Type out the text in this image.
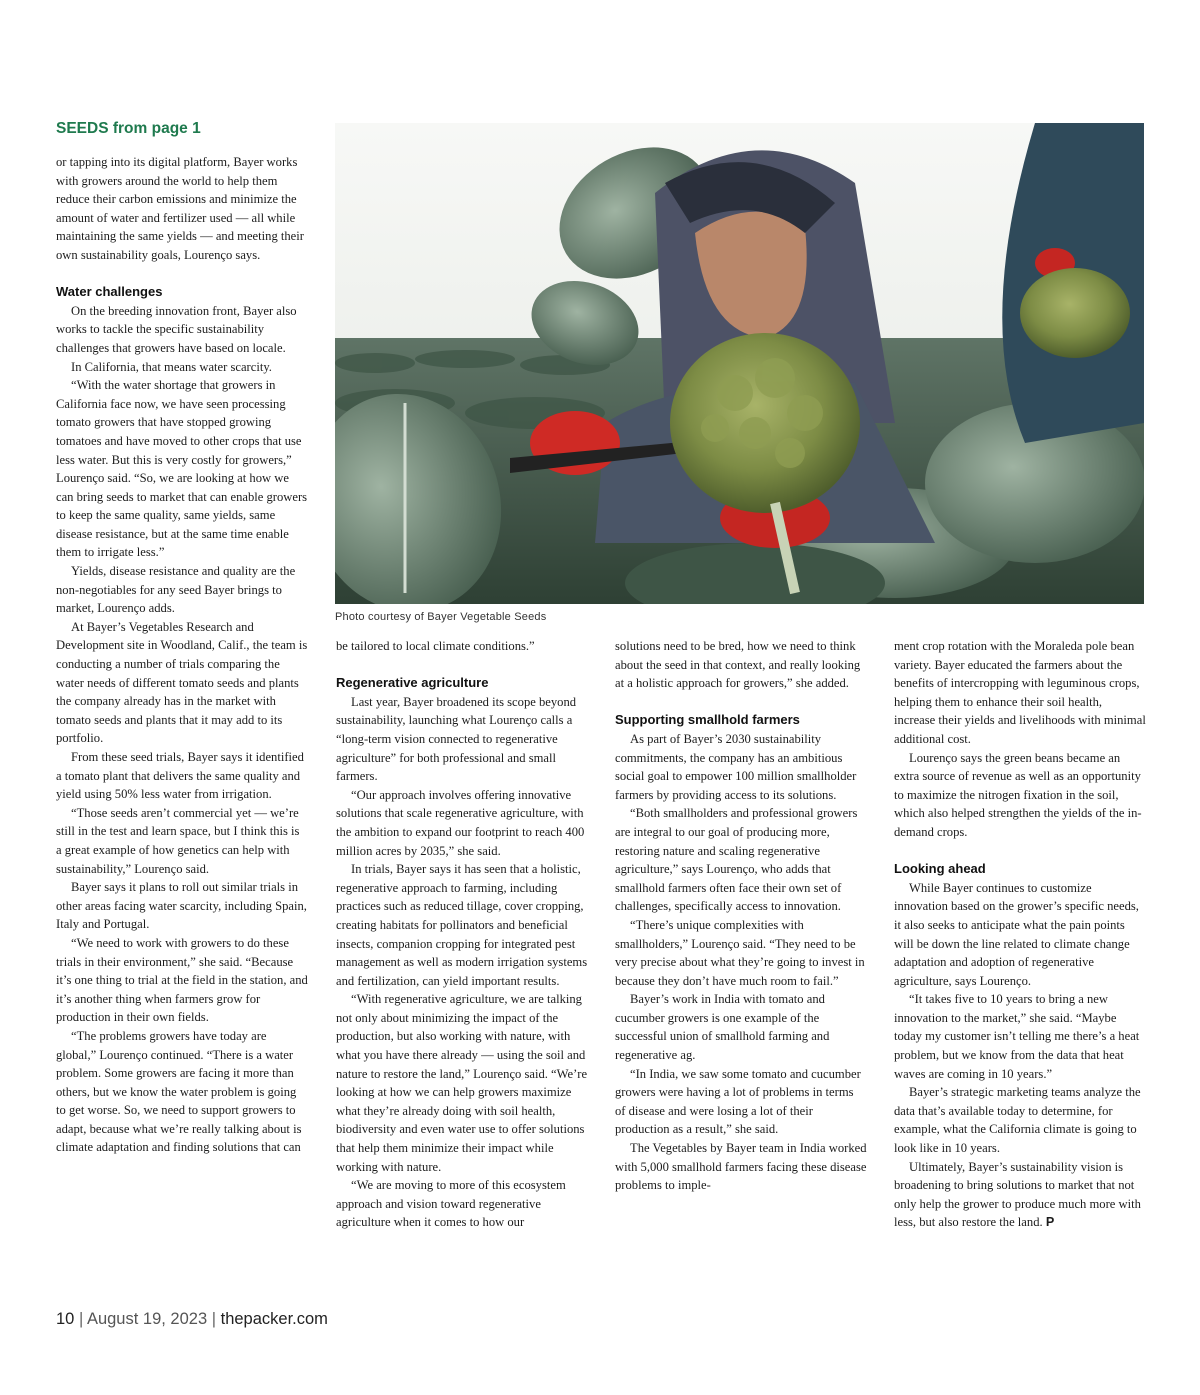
SEEDS from page 1
Photo courtesy of Bayer Vegetable Seeds

or tapping into its digital platform, Bayer works with growers around the world to help them reduce their carbon emissions and minimize the amount of water and fertilizer used — all while maintaining the same yields — and meeting their own sustainability goals, Lourenço says.

Water challenges

On the breeding innovation front, Bayer also works to tackle the specific sustainability challenges that growers have based on locale.

In California, that means water scarcity.

“With the water shortage that growers in California face now, we have seen processing tomato growers that have stopped growing tomatoes and have moved to other crops that use less water. But this is very costly for growers,” Lourenço said. “So, we are looking at how we can bring seeds to market that can enable growers to keep the same quality, same yields, same disease resistance, but at the same time enable them to irrigate less.”

Yields, disease resistance and quality are the non-negotiables for any seed Bayer brings to market, Lourenço adds.

At Bayer’s Vegetables Research and Development site in Woodland, Calif., the team is conducting a number of trials comparing the water needs of different tomato seeds and plants the company already has in the market with tomato seeds and plants that it may add to its portfolio.

From these seed trials, Bayer says it identified a tomato plant that delivers the same quality and yield using 50% less water from irrigation.

“Those seeds aren’t commercial yet — we’re still in the test and learn space, but I think this is a great example of how genetics can help with sustainability,” Lourenço said.

Bayer says it plans to roll out similar trials in other areas facing water scarcity, including Spain, Italy and Portugal.

“We need to work with growers to do these trials in their environment,” she said. “Because it’s one thing to trial at the field in the station, and it’s another thing when farmers grow for production in their own fields.

“The problems growers have today are global,” Lourenço continued. “There is a water problem. Some growers are facing it more than others, but we know the water problem is going to get worse. So, we need to support growers to adapt, because what we’re really talking about is climate adaptation and finding solutions that can

be tailored to local climate conditions.”

Regenerative agriculture

Last year, Bayer broadened its scope beyond sustainability, launching what Lourenço calls a “long-term vision connected to regenerative agriculture” for both professional and small farmers.

“Our approach involves offering innovative solutions that scale regenerative agriculture, with the ambition to expand our footprint to reach 400 million acres by 2035,” she said.

In trials, Bayer says it has seen that a holistic, regenerative approach to farming, including practices such as reduced tillage, cover cropping, creating habitats for pollinators and beneficial insects, companion cropping for integrated pest management as well as modern irrigation systems and fertilization, can yield important results.

“With regenerative agriculture, we are talking not only about minimizing the impact of the production, but also working with nature, with what you have there already — using the soil and nature to restore the land,” Lourenço said. “We’re looking at how we can help growers maximize what they’re already doing with soil health, biodiversity and even water use to offer solutions that help them minimize their impact while working with nature.

“We are moving to more of this ecosystem approach and vision toward regenerative agriculture when it comes to how our

solutions need to be bred, how we need to think about the seed in that context, and really looking at a holistic approach for growers,” she added.

Supporting smallhold farmers

As part of Bayer’s 2030 sustainability commitments, the company has an ambitious social goal to empower 100 million smallholder farmers by providing access to its solutions.

“Both smallholders and professional growers are integral to our goal of producing more, restoring nature and scaling regenerative agriculture,” says Lourenço, who adds that smallhold farmers often face their own set of challenges, specifically access to innovation.

“There’s unique complexities with smallholders,” Lourenço said. “They need to be very precise about what they’re going to invest in because they don’t have much room to fail.”

Bayer’s work in India with tomato and cucumber growers is one example of the successful union of smallhold farming and regenerative ag.

“In India, we saw some tomato and cucumber growers were having a lot of problems in terms of disease and were losing a lot of their production as a result,” she said.

The Vegetables by Bayer team in India worked with 5,000 smallhold farmers facing these disease problems to imple-

ment crop rotation with the Moraleda pole bean variety. Bayer educated the farmers about the benefits of intercropping with leguminous crops, helping them to enhance their soil health, increase their yields and livelihoods with minimal additional cost.

Lourenço says the green beans became an extra source of revenue as well as an opportunity to maximize the nitrogen fixation in the soil, which also helped strengthen the yields of the in-demand crops.

Looking ahead

While Bayer continues to customize innovation based on the grower’s specific needs, it also seeks to anticipate what the pain points will be down the line related to climate change adaptation and adoption of regenerative agriculture, says Lourenço.

“It takes five to 10 years to bring a new innovation to the market,” she said. “Maybe today my customer isn’t telling me there’s a heat problem, but we know from the data that heat waves are coming in 10 years.”

Bayer’s strategic marketing teams analyze the data that’s available today to determine, for example, what the California climate is going to look like in 10 years.

Ultimately, Bayer’s sustainability vision is broadening to bring solutions to market that not only help the grower to produce much more with less, but also restore the land. P

10 | August 19, 2023 | thepacker.com
